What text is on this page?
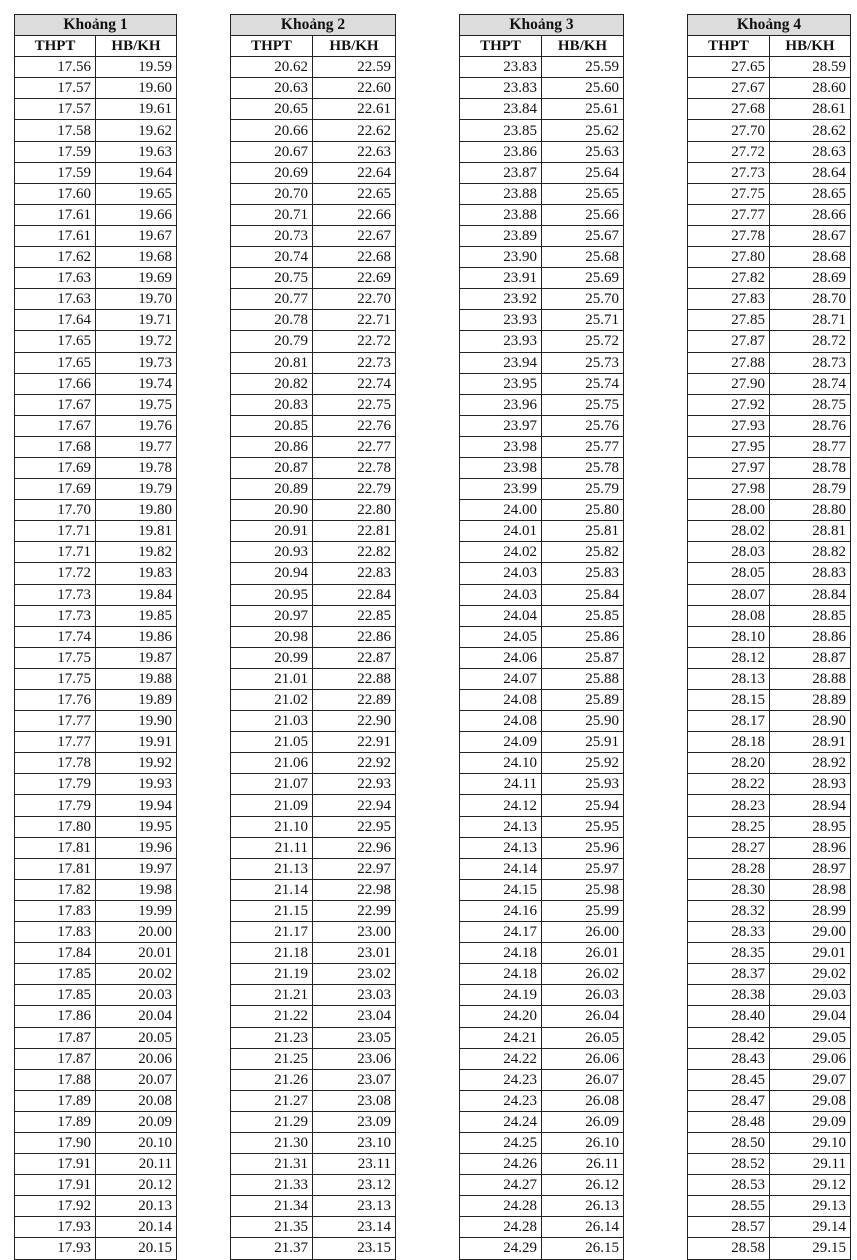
Khoảng 1	
THPT	HB/KH
17.56	19.59
17.57	19.60
17.57	19.61
17.58	19.62
17.59	19.63
17.59	19.64
17.60	19.65
17.61	19.66
17.61	19.67
17.62	19.68
17.63	19.69
17.63	19.70
17.64	19.71
17.65	19.72
17.65	19.73
17.66	19.74
17.67	19.75
17.67	19.76
17.68	19.77
17.69	19.78
17.69	19.79
17.70	19.80
17.71	19.81
17.71	19.82
17.72	19.83
17.73	19.84
17.73	19.85
17.74	19.86
17.75	19.87
17.75	19.88
17.76	19.89
17.77	19.90
17.77	19.91
17.78	19.92
17.79	19.93
17.79	19.94
17.80	19.95
17.81	19.96
17.81	19.97
17.82	19.98
17.83	19.99
17.83	20.00
17.84	20.01
17.85	20.02
17.85	20.03
17.86	20.04
17.87	20.05
17.87	20.06
17.88	20.07
17.89	20.08
17.89	20.09
17.90	20.10
17.91	20.11
17.91	20.12
17.92	20.13
17.93	20.14
17.93	20.15
Khoảng 2	
THPT	HB/KH
20.62	22.59
20.63	22.60
20.65	22.61
20.66	22.62
20.67	22.63
20.69	22.64
20.70	22.65
20.71	22.66
20.73	22.67
20.74	22.68
20.75	22.69
20.77	22.70
20.78	22.71
20.79	22.72
20.81	22.73
20.82	22.74
20.83	22.75
20.85	22.76
20.86	22.77
20.87	22.78
20.89	22.79
20.90	22.80
20.91	22.81
20.93	22.82
20.94	22.83
20.95	22.84
20.97	22.85
20.98	22.86
20.99	22.87
21.01	22.88
21.02	22.89
21.03	22.90
21.05	22.91
21.06	22.92
21.07	22.93
21.09	22.94
21.10	22.95
21.11	22.96
21.13	22.97
21.14	22.98
21.15	22.99
21.17	23.00
21.18	23.01
21.19	23.02
21.21	23.03
21.22	23.04
21.23	23.05
21.25	23.06
21.26	23.07
21.27	23.08
21.29	23.09
21.30	23.10
21.31	23.11
21.33	23.12
21.34	23.13
21.35	23.14
21.37	23.15
Khoảng 3	
THPT	HB/KH
23.83	25.59
23.83	25.60
23.84	25.61
23.85	25.62
23.86	25.63
23.87	25.64
23.88	25.65
23.88	25.66
23.89	25.67
23.90	25.68
23.91	25.69
23.92	25.70
23.93	25.71
23.93	25.72
23.94	25.73
23.95	25.74
23.96	25.75
23.97	25.76
23.98	25.77
23.98	25.78
23.99	25.79
24.00	25.80
24.01	25.81
24.02	25.82
24.03	25.83
24.03	25.84
24.04	25.85
24.05	25.86
24.06	25.87
24.07	25.88
24.08	25.89
24.08	25.90
24.09	25.91
24.10	25.92
24.11	25.93
24.12	25.94
24.13	25.95
24.13	25.96
24.14	25.97
24.15	25.98
24.16	25.99
24.17	26.00
24.18	26.01
24.18	26.02
24.19	26.03
24.20	26.04
24.21	26.05
24.22	26.06
24.23	26.07
24.23	26.08
24.24	26.09
24.25	26.10
24.26	26.11
24.27	26.12
24.28	26.13
24.28	26.14
24.29	26.15
Khoảng 4	
THPT	HB/KH
27.65	28.59
27.67	28.60
27.68	28.61
27.70	28.62
27.72	28.63
27.73	28.64
27.75	28.65
27.77	28.66
27.78	28.67
27.80	28.68
27.82	28.69
27.83	28.70
27.85	28.71
27.87	28.72
27.88	28.73
27.90	28.74
27.92	28.75
27.93	28.76
27.95	28.77
27.97	28.78
27.98	28.79
28.00	28.80
28.02	28.81
28.03	28.82
28.05	28.83
28.07	28.84
28.08	28.85
28.10	28.86
28.12	28.87
28.13	28.88
28.15	28.89
28.17	28.90
28.18	28.91
28.20	28.92
28.22	28.93
28.23	28.94
28.25	28.95
28.27	28.96
28.28	28.97
28.30	28.98
28.32	28.99
28.33	29.00
28.35	29.01
28.37	29.02
28.38	29.03
28.40	29.04
28.42	29.05
28.43	29.06
28.45	29.07
28.47	29.08
28.48	29.09
28.50	29.10
28.52	29.11
28.53	29.12
28.55	29.13
28.57	29.14
28.58	29.15
